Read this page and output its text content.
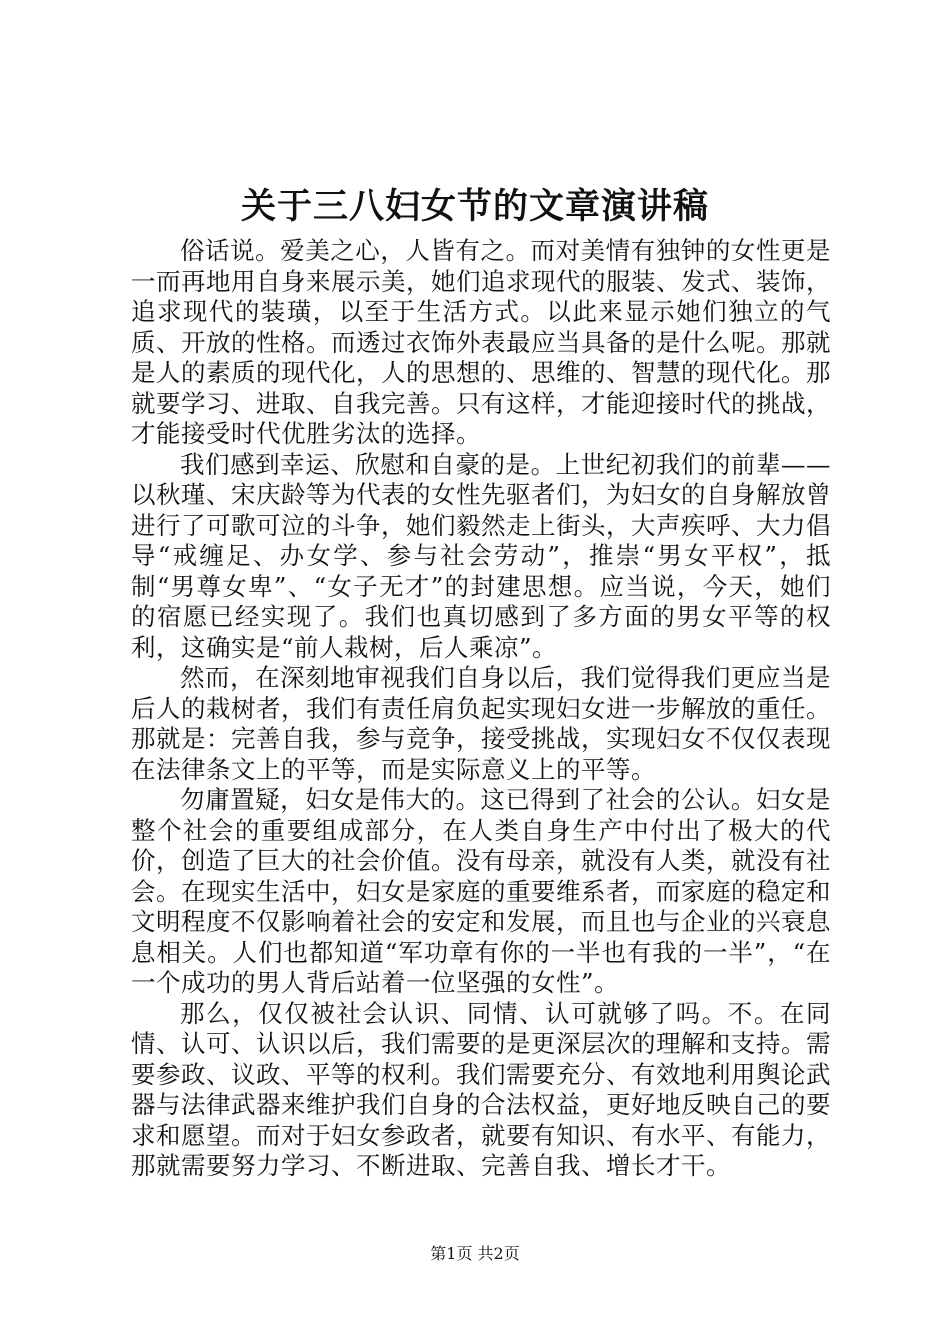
关于三八妇女节的文章演讲稿

俗话说。爱美之心，人皆有之。而对美情有独钟的女性更是一而再地用自身来展示美，她们追求现代的服装、发式、装饰，追求现代的装璜，以至于生活方式。以此来显示她们独立的气质、开放的性格。而透过衣饰外表最应当具备的是什么呢。那就是人的素质的现代化，人的思想的、思维的、智慧的现代化。那就要学习、进取、自我完善。只有这样，才能迎接时代的挑战，才能接受时代优胜劣汰的选择。

我们感到幸运、欣慰和自豪的是。上世纪初我们的前辈——以秋瑾、宋庆龄等为代表的女性先驱者们，为妇女的自身解放曾进行了可歌可泣的斗争，她们毅然走上街头，大声疾呼、大力倡导“戒缠足、办女学、参与社会劳动”，推崇“男女平权”，抵制“男尊女卑”、“女子无才”的封建思想。应当说，今天，她们的宿愿已经实现了。我们也真切感到了多方面的男女平等的权利，这确实是“前人栽树，后人乘凉”。

然而，在深刻地审视我们自身以后，我们觉得我们更应当是后人的栽树者，我们有责任肩负起实现妇女进一步解放的重任。那就是：完善自我，参与竞争，接受挑战，实现妇女不仅仅表现在法律条文上的平等，而是实际意义上的平等。

勿庸置疑，妇女是伟大的。这已得到了社会的公认。妇女是整个社会的重要组成部分，在人类自身生产中付出了极大的代价，创造了巨大的社会价值。没有母亲，就没有人类，就没有社会。在现实生活中，妇女是家庭的重要维系者，而家庭的稳定和文明程度不仅影响着社会的安定和发展，而且也与企业的兴衰息息相关。人们也都知道“军功章有你的一半也有我的一半”，“在一个成功的男人背后站着一位坚强的女性”。

那么，仅仅被社会认识、同情、认可就够了吗。不。在同情、认可、认识以后，我们需要的是更深层次的理解和支持。需要参政、议政、平等的权利。我们需要充分、有效地利用舆论武器与法律武器来维护我们自身的合法权益，更好地反映自己的要求和愿望。而对于妇女参政者，就要有知识、有水平、有能力，那就需要努力学习、不断进取、完善自我、增长才干。

第1页 共2页
